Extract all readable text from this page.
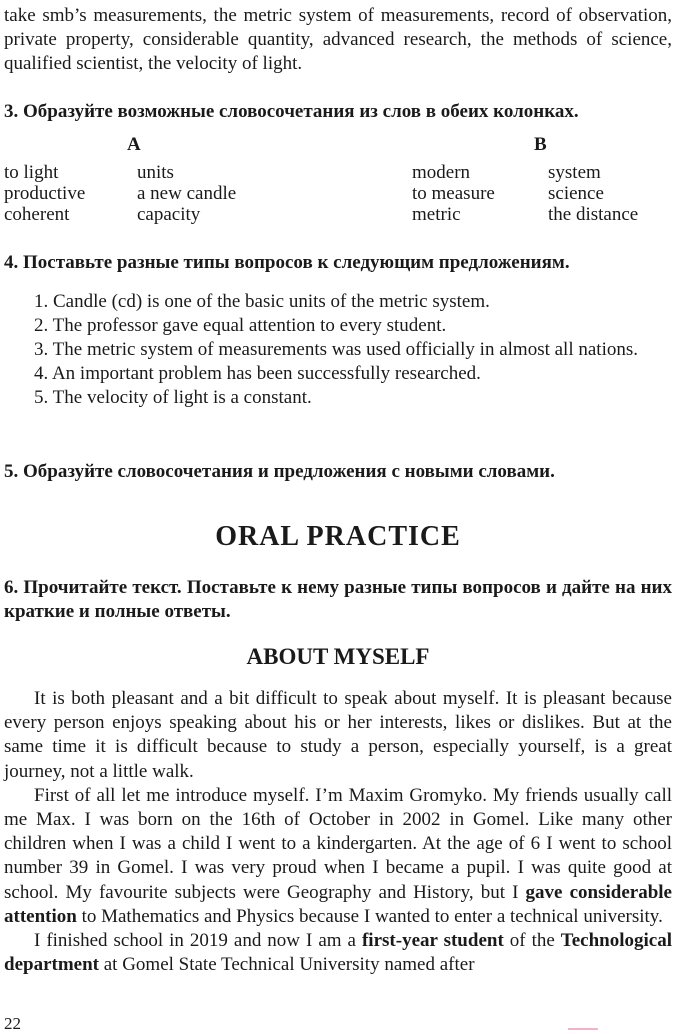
take smb’s measurements, the metric system of measurements, record of observation, private property, considerable quantity, advanced research, the methods of science, qualified scientist, the velocity of light.

3. Образуйте возможные словосочетания из слов в обеих колонках.

A	B
to light
productive
coherent
units
a new candle
capacity
modern
to measure
metric
system
science
the distance

4. Поставьте разные типы вопросов к следующим предложениям.

1. Candle (cd) is one of the basic units of the metric system.

2. The professor gave equal attention to every student.

3. The metric system of measurements was used officially in almost all nations.

4. An important problem has been successfully researched.

5. The velocity of light is a constant.

5. Образуйте словосочетания и предложения с новыми словами.

ORAL PRACTICE

6. Прочитайте текст. Поставьте к нему разные типы вопросов и дайте на них краткие и полные ответы.

ABOUT MYSELF

It is both pleasant and a bit difficult to speak about myself. It is pleasant because every person enjoys speaking about his or her interests, likes or dislikes. But at the same time it is difficult because to study a person, especially yourself, is a great journey, not a little walk.

First of all let me introduce myself. I’m Maxim Gromyko. My friends usually call me Max. I was born on the 16th of October in 2002 in Gomel. Like many other children when I was a child I went to a kindergarten. At the age of 6 I went to school number 39 in Gomel. I was very proud when I became a pupil. I was quite good at school. My favourite subjects were Geography and History, but I gave considerable attention to Mathematics and Physics because I wanted to enter a technical university.

I finished school in 2019 and now I am a first-year student of the Technological department at Gomel State Technical University named after

22
